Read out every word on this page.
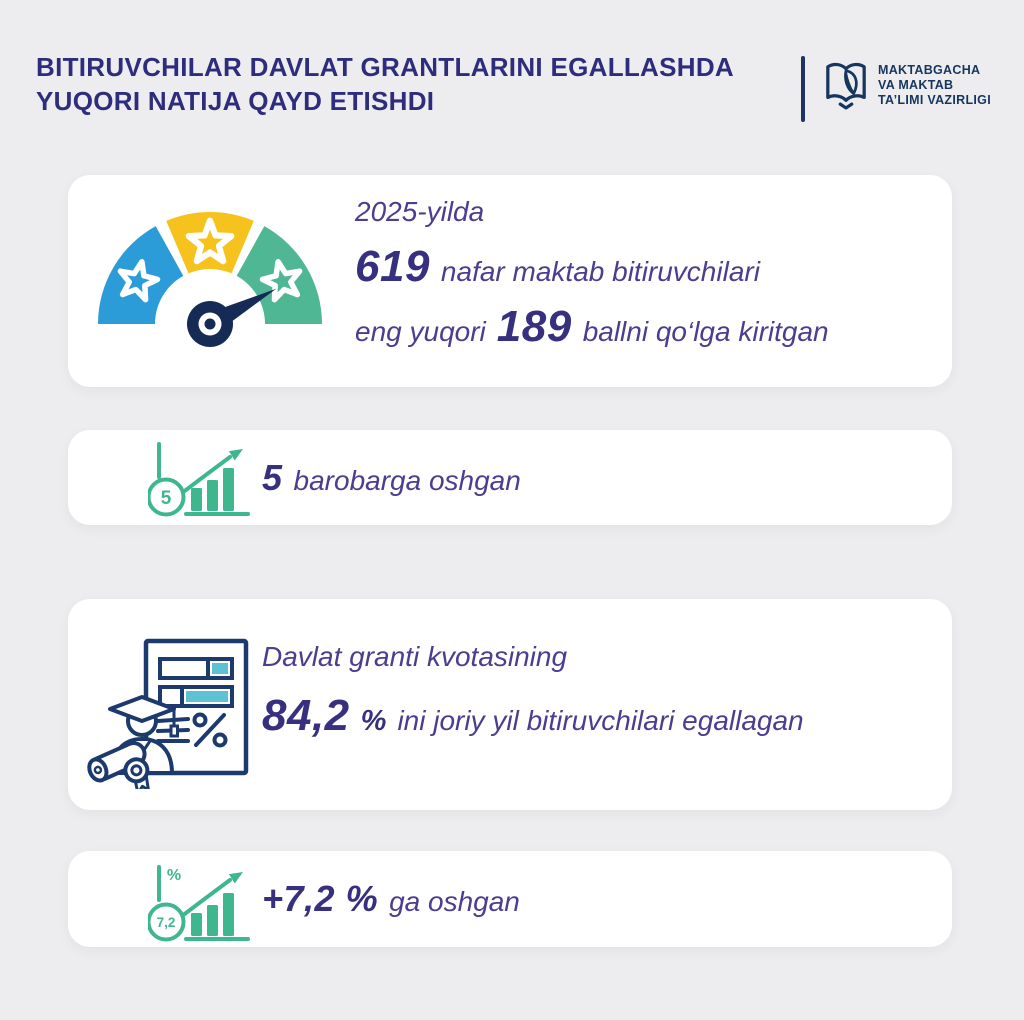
BITIRUVCHILAR DAVLAT GRANTLARINI EGALLASHDA
YUQORI NATIJA QAYD ETISHDI
MAKTABGACHA
VA MAKTAB
TA’LIMI VAZIRLIGI
2025-yilda
619 nafar maktab bitiruvchilari
eng yuqori 189 ballni qo‘lga kiritgan
5
5 barobarga oshgan
Davlat granti kvotasining
84,2 % ini joriy yil bitiruvchilari egallagan
%
7,2
+7,2 % ga oshgan
